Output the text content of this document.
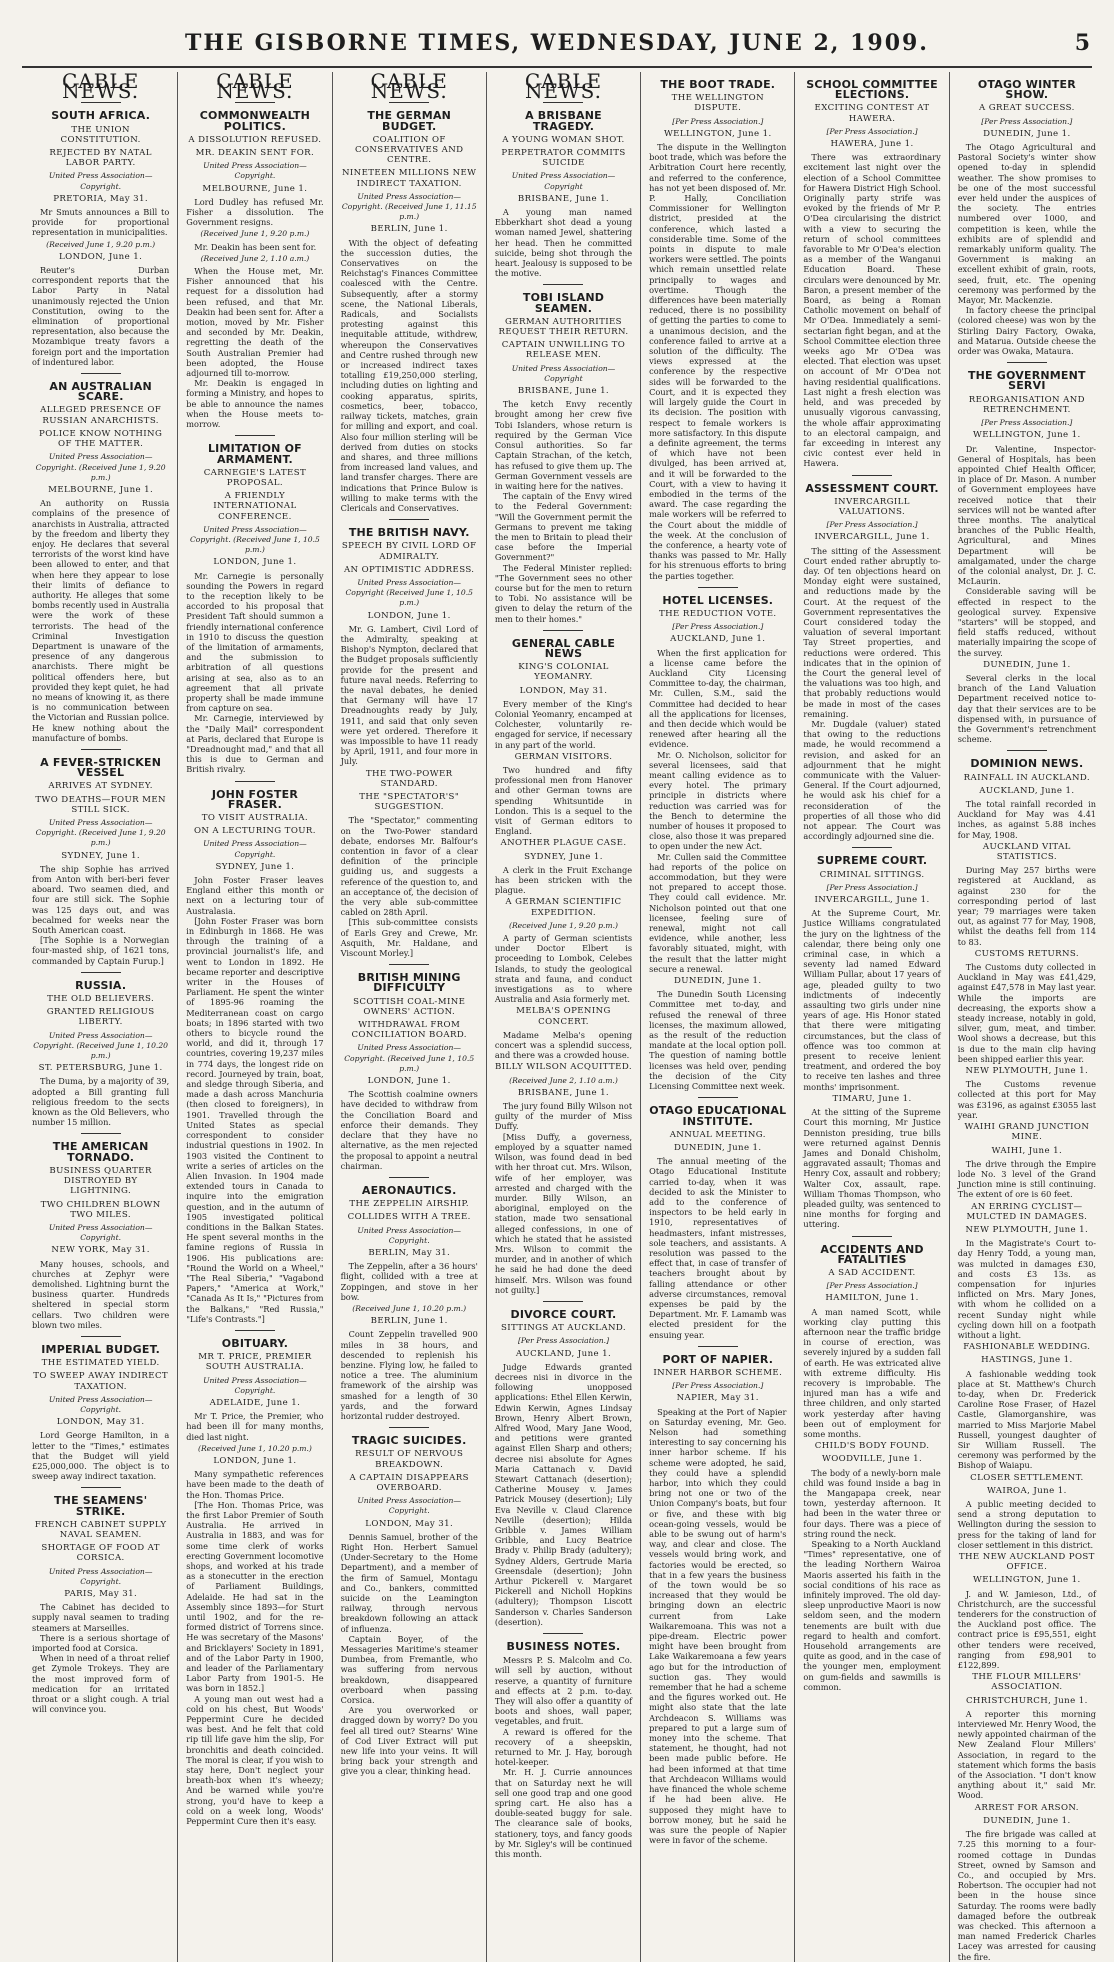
THE GISBORNE TIMES, WEDNESDAY, JUNE 2, 1909.	5
CABLE NEWS.
SOUTH AFRICA.
THE UNION CONSTITUTION.
REJECTED BY NATAL LABOR PARTY.
United Press Association—Copyright.
PRETORIA, May 31.
Mr Smuts announces a Bill to provide for proportional representation in municipalities.
(Received June 1, 9.20 p.m.)
LONDON, June 1.
Reuter's Durban correspondent reports that the Labor Party in Natal unanimously rejected the Union Constitution, owing to the elimination of proportional representation, also because the Mozambique treaty favors a foreign port and the importation of indentured labor.
AN AUSTRALIAN SCARE.
ALLEGED PRESENCE OF RUSSIAN ANARCHISTS.
POLICE KNOW NOTHING OF THE MATTER.
United Press Association—Copyright. (Received June 1, 9.20 p.m.)
MELBOURNE, June 1.
An authority on Russia complains of the presence of anarchists in Australia, attracted by the freedom and liberty they enjoy. He declares that several terrorists of the worst kind have been allowed to enter, and that when here they appear to lose their limits of defiance to authority. He alleges that some bombs recently used in Australia were the work of these terrorists. The head of the Criminal Investigation Department is unaware of the presence of any dangerous anarchists. There might be political offenders here, but provided they kept quiet, he had no means of knowing it, as there is no communication between the Victorian and Russian police. He knew nothing about the manufacture of bombs.
A FEVER-STRICKEN VESSEL
ARRIVES AT SYDNEY.
TWO DEATHS—FOUR MEN STILL SICK.
United Press Association—Copyright. (Received June 1, 9.20 p.m.)
SYDNEY, June 1.
The ship Sophie has arrived from Anton with beri-beri fever aboard. Two seamen died, and four are still sick. The Sophie was 125 days out, and was becalmed for weeks near the South American coast.
[The Sophie is a Norwegian four-masted ship, of 1621 tons, commanded by Captain Furup.]
RUSSIA.
THE OLD BELIEVERS.
GRANTED RELIGIOUS LIBERTY.
United Press Association—Copyright. (Received June 1, 10.20 p.m.)
ST. PETERSBURG, June 1.
The Duma, by a majority of 39, adopted a Bill granting full religious freedom to the sects known as the Old Believers, who number 15 million.
THE AMERICAN TORNADO.
BUSINESS QUARTER DISTROYED BY LIGHTNING.
TWO CHILDREN BLOWN TWO MILES.
United Press Association—Copyright.
NEW YORK, May 31.
Many houses, schools, and churches at Zephyr were demolished. Lightning burnt the business quarter. Hundreds sheltered in special storm cellars. Two children were blown two miles.
IMPERIAL BUDGET.
THE ESTIMATED YIELD.
TO SWEEP AWAY INDIRECT TAXATION.
United Press Association—Copyright.
LONDON, May 31.
Lord George Hamilton, in a letter to the "Times," estimates that the Budget will yield £25,000,000. The object is to sweep away indirect taxation.
THE SEAMENS' STRIKE.
FRENCH CABINET SUPPLY NAVAL SEAMEN.
SHORTAGE OF FOOD AT CORSICA.
United Press Association—Copyright.
PARIS, May 31.
The Cabinet has decided to supply naval seamen to trading steamers at Marseilles.
There is a serious shortage of imported food at Corsica.
When in need of a throat relief get Zymole Trokeys. They are the most improved form of medication for an irritated throat or a slight cough. A trial will convince you.
CABLE NEWS.
COMMONWEALTH POLITICS.
A DISSOLUTION REFUSED.
MR. DEAKIN SENT FOR.
United Press Association—Copyright.
MELBOURNE, June 1.
Lord Dudley has refused Mr. Fisher a dissolution. The Government resigns.
(Received June 1, 9.20 p.m.)
Mr. Deakin has been sent for.
(Received June 2, 1.10 a.m.)
When the House met, Mr. Fisher announced that his request for a dissolution had been refused, and that Mr. Deakin had been sent for. After a motion, moved by Mr. Fisher and seconded by Mr. Deakin, regretting the death of the South Australian Premier had been adopted, the House adjourned till to-morrow.
Mr. Deakin is engaged in forming a Ministry, and hopes to be able to announce the names when the House meets to-morrow.
LIMITATION OF ARMAMENT.
CARNEGIE'S LATEST PROPOSAL.
A FRIENDLY INTERNATIONAL CONFERENCE.
United Press Association—Copyright. (Received June 1, 10.5 p.m.)
LONDON, June 1.
Mr. Carnegie is personally sounding the Powers in regard to the reception likely to be accorded to his proposal that President Taft should summon a friendly international conference in 1910 to discuss the question of the limitation of armaments, and the submission to arbitration of all questions arising at sea, also as to an agreement that all private property shall be made immune from capture on sea.
Mr. Carnegie, interviewed by the "Daily Mail" correspondent at Paris, declared that Europe is "Dreadnought mad," and that all this is due to German and British rivalry.
JOHN FOSTER FRASER.
TO VISIT AUSTRALIA.
ON A LECTURING TOUR.
United Press Association—Copyright.
SYDNEY, June 1.
John Foster Fraser leaves England either this month or next on a lecturing tour of Australasia.
[John Foster Fraser was born in Edinburgh in 1868. He was through the training of a provincial journalist's life, and went to London in 1892. He became reporter and descriptive writer in the Houses of Parliament. He spent the winter of 1895-96 roaming the Mediterranean coast on cargo boats; in 1896 started with two others to bicycle round the world, and did it, through 17 countries, covering 19,237 miles in 774 days, the longest ride on record. Journeyed by train, boat, and sledge through Siberia, and made a dash across Manchuria (then closed to foreigners), in 1901. Travelled through the United States as special correspondent to consider industrial questions in 1902. In 1903 visited the Continent to write a series of articles on the Alien Invasion. In 1904 made extended tours in Canada to inquire into the emigration question, and in the autumn of 1905 investigated political conditions in the Balkan States. He spent several months in the famine regions of Russia in 1906. His publications are: "Round the World on a Wheel," "The Real Siberia," "Vagabond Papers," "America at Work," "Canada As It Is," "Pictures from the Balkans," "Red Russia," "Life's Contrasts."]
OBITUARY.
MR T. PRICE, PREMIER SOUTH AUSTRALIA.
United Press Association—Copyright.
ADELAIDE, June 1.
Mr T. Price, the Premier, who had been ill for many months, died last night.
(Received June 1, 10.20 p.m.)
LONDON, June 1.
Many sympathetic references have been made to the death of the Hon. Thomas Price.
[The Hon. Thomas Price, was the first Labor Premier of South Australia. He arrived in Australia in 1883, and was for some time clerk of works erecting Government locomotive shops, and worked at his trade as a stonecutter in the erection of Parliament Buildings, Adelaide. He had sat in the Assembly since 1893—for Sturt until 1902, and for the re-formed district of Torrens since. He was secretary of the Masons' and Bricklayers' Society in 1891, and of the Labor Party in 1900, and leader of the Parliamentary Labor Party from 1901-5. He was born in 1852.]
A young man out west had a cold on his chest, But Woods' Peppermint Cure he decided was best. And he felt that cold rip till life gave him the slip, For bronchitis and death coincided. The moral is clear, if you wish to stay here, Don't neglect your breath-box when it's wheezy; And be warned while you're strong, you'd have to keep a cold on a week long, Woods' Peppermint Cure then it's easy.
CABLE NEWS.
THE GERMAN BUDGET.
COALITION OF CONSERVATIVES AND CENTRE.
NINETEEN MILLIONS NEW INDIRECT TAXATION.
United Press Association—Copyright. (Received June 1, 11.15 p.m.)
BERLIN, June 1.
With the object of defeating the succession duties, the Conservatives on the Reichstag's Finances Committee coalesced with the Centre. Subsequently, after a stormy scene, the National Liberals, Radicals, and Socialists protesting against this inequitable attitude, withdrew, whereupon the Conservatives and Centre rushed through new or increased indirect taxes totalling £19,250,000 sterling, including duties on lighting and cooking apparatus, spirits, cosmetics, beer, tobacco, railway tickets, matches, grain for milling and export, and coal. Also four million sterling will be derived from duties on stocks and shares, and three millions from increased land values, and land transfer charges. There are indications that Prince Bulow is willing to make terms with the Clericals and Conservatives.
THE BRITISH NAVY.
SPEECH BY CIVIL LORD OF ADMIRALTY.
AN OPTIMISTIC ADDRESS.
United Press Association—Copyright (Received June 1, 10.5 p.m.)
LONDON, June 1.
Mr. G. Lambert, Civil Lord of the Admiralty, speaking at Bishop's Nympton, declared that the Budget proposals sufficiently provide for the present and future naval needs. Referring to the naval debates, he denied that Germany will have 17 Dreadnoughts ready by July, 1911, and said that only seven were yet ordered. Therefore it was impossible to have 11 ready by April, 1911, and four more in July.
THE TWO-POWER STANDARD.
THE "SPECTATOR'S" SUGGESTION.
The "Spectator," commenting on the Two-Power standard debate, endorses Mr. Balfour's contention in favor of a clear definition of the principle guiding us, and suggests a reference of the question to, and an acceptance of, the decision of the very able sub-committee cabled on 28th April.
[This sub-committee consists of Earls Grey and Crewe, Mr. Asquith, Mr. Haldane, and Viscount Morley.]
BRITISH MINING DIFFICULTY
SCOTTISH COAL-MINE OWNERS' ACTION.
WITHDRAWAL FROM CONCILIATION BOARD.
United Press Association—Copyright. (Received June 1, 10.5 p.m.)
LONDON, June 1.
The Scottish coalmine owners have decided to withdraw from the Conciliation Board and enforce their demands. They declare that they have no alternative, as the men rejected the proposal to appoint a neutral chairman.
AERONAUTICS.
THE ZEPPELIN AIRSHIP.
COLLIDES WITH A TREE.
United Press Association—Copyright.
BERLIN, May 31.
The Zeppelin, after a 36 hours' flight, collided with a tree at Zoppingen, and stove in her bow.
(Received June 1, 10.20 p.m.)
BERLIN, June 1.
Count Zeppelin travelled 900 miles in 38 hours, and descended to replenish his benzine. Flying low, he failed to notice a tree. The aluminium framework of the airship was smashed for a length of 30 yards, and the forward horizontal rudder destroyed.
TRAGIC SUICIDES.
RESULT OF NERVOUS BREAKDOWN.
A CAPTAIN DISAPPEARS OVERBOARD.
United Press Association—Copyright.
LONDON, May 31.
Dennis Samuel, brother of the Right Hon. Herbert Samuel (Under-Secretary to the Home Department), and a member of the firm of Samuel, Montagu and Co., bankers, committed suicide on the Leamington railway, through nervous breakdown following an attack of influenza.
Captain Boyer, of the Messageries Maritime's steamer Dumbea, from Fremantle, who was suffering from nervous breakdown, disappeared overboard when passing Corsica.
Are you overworked or dragged down by worry? Do you feel all tired out? Stearns' Wine of Cod Liver Extract will put new life into your veins. It will bring back your strength and give you a clear, thinking head.
CABLE NEWS.
A BRISBANE TRAGEDY.
A YOUNG WOMAN SHOT.
PERPETRATOR COMMITS SUICIDE
United Press Association—Copyright
BRISBANE, June 1.
A young man named Ebberkhart shot dead a young woman named Jewel, shattering her head. Then he committed suicide, being shot through the heart. Jealousy is supposed to be the motive.
TOBI ISLAND SEAMEN.
GERMAN AUTHORITIES REQUEST THEIR RETURN.
CAPTAIN UNWILLING TO RELEASE MEN.
United Press Association—Copyright
BRISBANE, June 1.
The ketch Envy recently brought among her crew five Tobi Islanders, whose return is required by the German Vice Consul authorities. So far Captain Strachan, of the ketch, has refused to give them up. The German Government vessels are in waiting here for the natives.
The captain of the Envy wired to the Federal Government: "Will the Government permit the Germans to prevent me taking the men to Britain to plead their case before the Imperial Government?"
The Federal Minister replied: "The Government sees no other course but for the men to return to Tobi. No assistance will be given to delay the return of the men to their homes."
GENERAL CABLE NEWS
KING'S COLONIAL YEOMANRY.
LONDON, May 31.
Every member of the King's Colonial Yeomanry, encamped at Colchester, voluntarily re-engaged for service, if necessary in any part of the world.
GERMAN VISITORS.
Two hundred and fifty professional men from Hanover and other German towns are spending Whitsuntide in London. This is a sequel to the visit of German editors to England.
ANOTHER PLAGUE CASE.
SYDNEY, June 1.
A clerk in the Fruit Exchange has been stricken with the plague.
A GERMAN SCIENTIFIC EXPEDITION.
(Received June 1, 9.20 p.m.)
A party of German scientists under Doctor Elbert is proceeding to Lombok, Celebes Islands, to study the geological strata and fauna, and conduct investigations as to where Australia and Asia formerly met.
MELBA'S OPENING CONCERT.
Madame Melba's opening concert was a splendid success, and there was a crowded house.
BILLY WILSON ACQUITTED.
(Received June 2, 1.10 a.m.)
BRISBANE, June 1.
The jury found Billy Wilson not guilty of the murder of Miss Duffy.
[Miss Duffy, a governess, employed by a squatter named Wilson, was found dead in bed with her throat cut. Mrs. Wilson, wife of her employer, was arrested and charged with the murder. Billy Wilson, an aboriginal, employed on the station, made two sensational alleged confessions, in one of which he stated that he assisted Mrs. Wilson to commit the murder, and in another of which he said he had done the deed himself. Mrs. Wilson was found not guilty.]
DIVORCE COURT.
SITTINGS AT AUCKLAND.
[Per Press Association.]
AUCKLAND, June 1.
Judge Edwards granted decrees nisi in divorce in the following unopposed applications: Ethel Ellen Kerwin, Edwin Kerwin, Agnes Lindsay Brown, Henry Albert Brown, Alfred Wood, Mary Jane Wood, and petitions were granted against Ellen Sharp and others; decree nisi absolute for Agnes Maria Cattanach v. David Stewart Cattanach (desertion); Catherine Mousey v. James Patrick Mousey (desertion); Lily Eva Neville v. Claud Clarence Neville (desertion); Hilda Gribble v. James William Gribble, and Lucy Beatrice Brady v. Philip Brady (adultery); Sydney Alders, Gertrude Maria Greensdale (desertion); John Arthur Pickerell v. Margaret Pickerell and Nicholl Hopkins (adultery); Thompson Liscott Sanderson v. Charles Sanderson (desertion).
BUSINESS NOTES.
Messrs P. S. Malcolm and Co. will sell by auction, without reserve, a quantity of furniture and effects at 2 p.m. to-day. They will also offer a quantity of boots and shoes, wall paper, vegetables, and fruit.
A reward is offered for the recovery of a sheepskin, returned to Mr. J. Hay, borough hotel-keeper.
Mr. H. J. Currie announces that on Saturday next he will sell one good trap and one good spring cart. He also has a double-seated buggy for sale. The clearance sale of books, stationery, toys, and fancy goods by Mr. Sigley's will be continued this month.
THE BOOT TRADE.
THE WELLINGTON DISPUTE.
[Per Press Association.]
WELLINGTON, June 1.
The dispute in the Wellington boot trade, which was before the Arbitration Court here recently, and referred to the conference, has not yet been disposed of. Mr. P. Hally, Conciliation Commissioner for Wellington district, presided at the conference, which lasted a considerable time. Some of the points in dispute to male workers were settled. The points which remain unsettled relate principally to wages and overtime. Though the differences have been materially reduced, there is no possibility of getting the parties to come to a unanimous decision, and the conference failed to arrive at a solution of the difficulty. The views expressed at the conference by the respective sides will be forwarded to the Court, and it is expected they will largely guide the Court in its decision. The position with respect to female workers is more satisfactory. In this dispute a definite agreement, the terms of which have not been divulged, has been arrived at, and it will be forwarded to the Court, with a view to having it embodied in the terms of the award. The case regarding the male workers will be referred to the Court about the middle of the week. At the conclusion of the conference, a hearty vote of thanks was passed to Mr. Hally for his strenuous efforts to bring the parties together.
HOTEL LICENSES.
THE REDUCTION VOTE.
[Per Press Association.]
AUCKLAND, June 1.
When the first application for a license came before the Auckland City Licensing Committee to-day, the chairman, Mr. Cullen, S.M., said the Committee had decided to hear all the applications for licenses, and then decide which would be renewed after hearing all the evidence.
Mr. O. Nicholson, solicitor for several licensees, said that meant calling evidence as to every hotel. The primary principle in districts where reduction was carried was for the Bench to determine the number of houses it proposed to close, also those it was prepared to open under the new Act.
Mr. Cullen said the Committee had reports of the police on accommodation, but they were not prepared to accept those. They could call evidence. Mr. Nicholson pointed out that one licensee, feeling sure of renewal, might not call evidence, while another, less favorably situated, might, with the result that the latter might secure a renewal.
DUNEDIN, June 1.
The Dunedin South Licensing Committee met to-day, and refused the renewal of three licenses, the maximum allowed, as the result of the reduction mandate at the local option poll. The question of naming bottle licenses was held over, pending the decision of the City Licensing Committee next week.
OTAGO EDUCATIONAL INSTITUTE.
ANNUAL MEETING.
DUNEDIN, June 1.
The annual meeting of the Otago Educational Institute carried to-day, when it was decided to ask the Minister to add to the conference of inspectors to be held early in 1910, representatives of headmasters, infant mistresses, sole teachers, and assistants. A resolution was passed to the effect that, in case of transfer of teachers brought about by falling attendance or other adverse circumstances, removal expenses be paid by the Department. Mr. F. Lamamb was elected president for the ensuing year.
PORT OF NAPIER.
INNER HARBOR SCHEME.
[Per Press Association.]
NAPIER, May 31.
Speaking at the Port of Napier on Saturday evening, Mr. Geo. Nelson had something interesting to say concerning his inner harbor scheme. If his scheme were adopted, he said, they could have a splendid harbor, into which they could bring not one or two of the Union Company's boats, but four or five, and these with big ocean-going vessels, would be able to be swung out of harm's way, and clear and close. The vessels would bring work, and factories would be erected, so that in a few years the business of the town would be so increased that they would be bringing down an electric current from Lake Waikaremoana. This was not a pipe-dream. Electric power might have been brought from Lake Waikaremoana a few years ago but for the introduction of suction gas. They would remember that he had a scheme and the figures worked out. He might also state that the late Archdeacon S. Williams was prepared to put a large sum of money into the scheme. That statement, he thought, had not been made public before. He had been informed at that time that Archdeacon Williams would have financed the whole scheme if he had been alive. He supposed they might have to borrow money, but he said he was sure the people of Napier were in favor of the scheme.
SCHOOL COMMITTEE ELECTIONS.
EXCITING CONTEST AT HAWERA.
[Per Press Association.]
HAWERA, June 1.
There was extraordinary excitement last night over the election of a School Committee for Hawera District High School. Originally party strife was evoked by the friends of Mr P. O'Dea circularising the district with a view to securing the return of school committees favorable to Mr O'Dea's election as a member of the Wanganui Education Board. These circulars were denounced by Mr. Baron, a present member of the Board, as being a Roman Catholic movement on behalf of Mr O'Dea. Immediately a semi-sectarian fight began, and at the School Committee election three weeks ago Mr O'Dea was elected. That election was upset on account of Mr O'Dea not having residential qualifications. Last night a fresh election was held, and was preceded by unusually vigorous canvassing, the whole affair approximating to an electoral campaign, and far exceeding in interest any civic contest ever held in Hawera.
ASSESSMENT COURT.
INVERCARGILL VALUATIONS.
[Per Press Association.]
INVERCARGILL, June 1.
The sitting of the Assessment Court ended rather abruptly to-day. Of ten objections heard on Monday eight were sustained, and reductions made by the Court. At the request of the Government representatives the Court considered today the valuation of several important Tay Street properties, and reductions were ordered. This indicates that in the opinion of the Court the general level of the valuations was too high, and that probably reductions would be made in most of the cases remaining.
Mr. Dugdale (valuer) stated that owing to the reductions made, he would recommend a revision, and asked for an adjournment that he might communicate with the Valuer-General. If the Court adjourned, he would ask his chief for a reconsideration of the properties of all those who did not appear. The Court was accordingly adjourned sine die.
SUPREME COURT.
CRIMINAL SITTINGS.
[Per Press Association.]
INVERCARGILL, June 1.
At the Supreme Court, Mr. Justice Williams congratulated the jury on the lightness of the calendar, there being only one criminal case, in which a seventy lad named Edward William Pullar, about 17 years of age, pleaded guilty to two indictments of indecently assaulting two girls under nine years of age. His Honor stated that there were mitigating circumstances, but the class of offence was too common at present to receive lenient treatment, and ordered the boy to receive ten lashes and three months' imprisonment.
TIMARU, June 1.
At the sitting of the Supreme Court this morning, Mr Justice Denniston presiding, true bills were returned against Dennis James and Donald Chisholm, aggravated assault; Thomas and Henry Cox, assault and robbery; Walter Cox, assault, rape. William Thomas Thompson, who pleaded guilty, was sentenced to nine months for forging and uttering.
ACCIDENTS AND FATALITIES
A SAD ACCIDENT.
[Per Press Association.]
HAMILTON, June 1.
A man named Scott, while working clay putting this afternoon near the traffic bridge in course of erection, was severely injured by a sudden fall of earth. He was extricated alive with extreme difficulty. His recovery is improbable. The injured man has a wife and three children, and only started work yesterday after having been out of employment for some months.
CHILD'S BODY FOUND.
WOODVILLE, June 1.
The body of a newly-born male child was found inside a bag in the Mangapapa creek, near town, yesterday afternoon. It had been in the water three or four days. There was a piece of string round the neck.
Speaking to a North Auckland "Times" representative, one of the leading Northern Wairoa Maoris asserted his faith in the social conditions of his race as infinitely improved. The old day-sleep unproductive Maori is now seldom seen, and the modern tenements are built with due regard to health and comfort. Household arrangements are quite as good, and in the case of the younger men, employment on gum-fields and sawmills is common.
OTAGO WINTER SHOW.
A GREAT SUCCESS.
[Per Press Association.]
DUNEDIN, June 1.
The Otago Agricultural and Pastoral Society's winter show opened to-day in splendid weather. The show promises to be one of the most successful ever held under the auspices of the society. The entries numbered over 1000, and competition is keen, while the exhibits are of splendid and remarkably uniform quality. The Government is making an excellent exhibit of grain, roots, seed, fruit, etc. The opening ceremony was performed by the Mayor, Mr. Mackenzie.
In factory cheese the principal (colored cheese) was won by the Stirling Dairy Factory, Owaka, and Matarua. Outside cheese the order was Owaka, Mataura.
THE GOVERNMENT SERVI
REORGANISATION AND RETRENCHMENT.
[Per Press Association.]
WELLINGTON, June 1.
Dr. Valentine, Inspector-General of Hospitals, has been appointed Chief Health Officer, in place of Dr. Mason. A number of Government employees have received notice that their services will not be wanted after three months. The analytical branches of the Public Health, Agricultural, and Mines Department will be amalgamated, under the charge of the colonial analyst, Dr. J. C. McLaurin.
Considerable saving will be effected in respect to the geological survey. Expensive "starters" will be stopped, and field staffs reduced, without materially impairing the scope of the survey.
DUNEDIN, June 1.
Several clerks in the local branch of the Land Valuation Department received notice to-day that their services are to be dispensed with, in pursuance of the Government's retrenchment scheme.
DOMINION NEWS.
RAINFALL IN AUCKLAND.
AUCKLAND, June 1.
The total rainfall recorded in Auckland for May was 4.41 inches, as against 5.88 inches for May, 1908.
AUCKLAND VITAL STATISTICS.
During May 257 births were registered at Auckland, as against 230 for the corresponding period of last year; 79 marriages were taken out, as against 77 for May, 1908, whilst the deaths fell from 114 to 83.
CUSTOMS RETURNS.
The Customs duty collected in Auckland in May was £41,429, against £47,578 in May last year. While the imports are decreasing, the exports show a steady increase, notably in gold, silver, gum, meat, and timber. Wool shows a decrease, but this is due to the main clip having been shipped earlier this year.
NEW PLYMOUTH, June 1.
The Customs revenue collected at this port for May was £3196, as against £3055 last year.
WAIHI GRAND JUNCTION MINE.
WAIHI, June 1.
The drive through the Empire lode No. 3 level of the Grand Junction mine is still continuing. The extent of ore is 60 feet.
AN ERRING CYCLIST—MULCTED IN DAMAGES.
NEW PLYMOUTH, June 1.
In the Magistrate's Court to-day Henry Todd, a young man, was mulcted in damages £30, and costs £3 13s. as compensation for injuries inflicted on Mrs. Mary Jones, with whom he collided on a recent Sunday night while cycling down hill on a footpath without a light.
FASHIONABLE WEDDING.
HASTINGS, June 1.
A fashionable wedding took place at St. Matthew's Church to-day, when Dr. Frederick Caroline Rose Fraser, of Hazel Castle, Glamorganshire, was married to Miss Marjorie Mabel Russell, youngest daughter of Sir William Russell. The ceremony was performed by the Bishop of Waiapu.
CLOSER SETTLEMENT.
WAIROA, June 1.
A public meeting decided to send a strong deputation to Wellington during the session to press for the taking of land for closer settlement in this district.
THE NEW AUCKLAND POST OFFICE.
WELLINGTON, June 1.
J. and W. Jamieson, Ltd., of Christchurch, are the successful tenderers for the construction of the Auckland post office. The contract price is £95,551, eight other tenders were received, ranging from £98,901 to £122,899.
THE FLOUR MILLERS' ASSOCIATION.
CHRISTCHURCH, June 1.
A reporter this morning interviewed Mr. Henry Wood, the newly appointed chairman of the New Zealand Flour Millers' Association, in regard to the statement which forms the basis of the Association. "I don't know anything about it," said Mr. Wood.
ARREST FOR ARSON.
DUNEDIN, June 1.
The fire brigade was called at 7.25 this morning to a four-roomed cottage in Dundas Street, owned by Samson and Co., and occupied by Mrs. Robertson. The occupier had not been in the house since Saturday. The rooms were badly damaged before the outbreak was checked. This afternoon a man named Frederick Charles Lacey was arrested for causing the fire.
